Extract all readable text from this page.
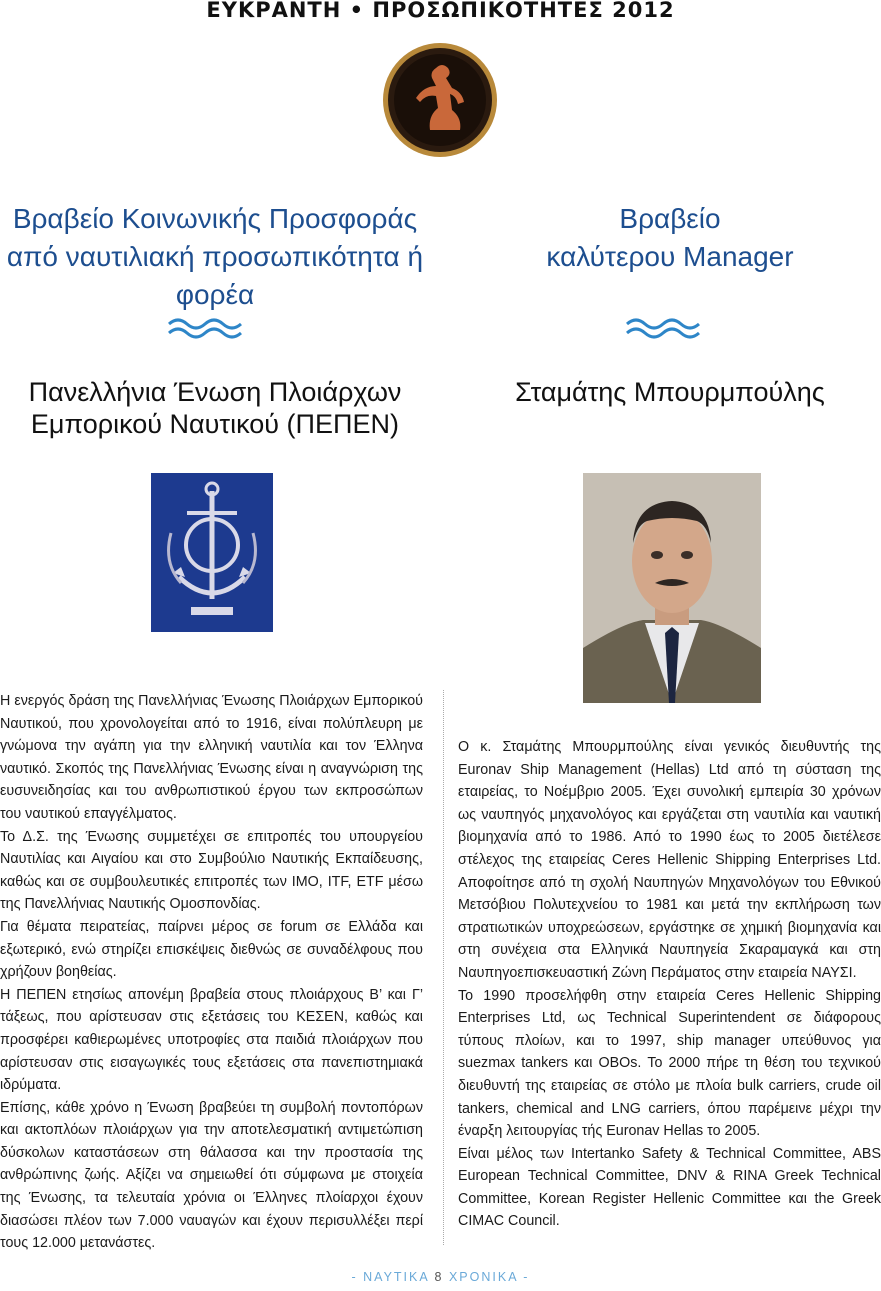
ΕΥΚΡΑΝΤΗ • ΠΡΟΣΩΠΙΚΟΤΗΤΕΣ 2012
Βραβείο Κοινωνικής Προσφοράς
από ναυτιλιακή προσωπικότητα ή
φορέα
Βραβείο
καλύτερου Manager
Πανελλήνια Ένωση Πλοιάρχων
Εμπορικού Ναυτικού (ΠΕΠΕΝ)
Σταμάτης Μπουρμπούλης

Η ενεργός δράση της Πανελλήνιας Ένωσης Πλοιάρχων Εμπορικού Ναυτικού, που χρονολογείται από το 1916, είναι πολύπλευρη με γνώμονα την αγάπη για την ελληνική ναυτιλία και τον Έλληνα ναυτικό. Σκοπός της Πανελλήνιας Ένωσης είναι η αναγνώριση της ευσυνειδησίας και του ανθρωπιστικού έργου των εκπροσώπων του ναυτικού επαγγέλματος.

Το Δ.Σ. της Ένωσης συμμετέχει σε επιτροπές του υπουργείου Ναυτιλίας και Αιγαίου και στο Συμβούλιο Ναυτικής Εκπαίδευσης, καθώς και σε συμβουλευτικές επιτροπές των IMO, ITF, ETF μέσω της Πανελλήνιας Ναυτικής Ομοσπονδίας.

Για θέματα πειρατείας, παίρνει μέρος σε forum σε Ελλάδα και εξωτερικό, ενώ στηρίζει επισκέψεις διεθνώς σε συναδέλφους που χρήζουν βοηθείας.

Η ΠΕΠΕΝ ετησίως απονέμη βραβεία στους πλοιάρχους Β’ και Γ’ τάξεως, που αρίστευσαν στις εξετάσεις του ΚΕΣΕΝ, καθώς και προσφέρει καθιερωμένες υποτροφίες στα παιδιά πλοιάρχων που αρίστευσαν στις εισαγωγικές τους εξετάσεις στα πανεπιστημιακά ιδρύματα.

Επίσης, κάθε χρόνο η Ένωση βραβεύει τη συμβολή ποντοπόρων και ακτοπλόων πλοιάρχων για την αποτελεσματική αντιμετώπιση δύσκολων καταστάσεων στη θάλασσα και την προστασία της ανθρώπινης ζωής. Αξίζει να σημειωθεί ότι σύμφωνα με στοιχεία της Ένωσης, τα τελευταία χρόνια οι Έλληνες πλοίαρχοι έχουν διασώσει πλέον των 7.000 ναυαγών και έχουν περισυλλέξει περί τους 12.000 μετανάστες.

Ο κ. Σταμάτης Μπουρμπούλης είναι γενικός διευθυντής της Euronav Ship Management (Hellas) Ltd από τη σύσταση της εταιρείας, το Νοέμβριο 2005. Έχει συνολική εμπειρία 30 χρόνων ως ναυπηγός μηχανολόγος και εργάζεται στη ναυτιλία και ναυτική βιομηχανία από το 1986. Από το 1990 έως το 2005 διετέλεσε στέλεχος της εταιρείας Ceres Hellenic Shipping Enterprises Ltd. Αποφοίτησε από τη σχολή Ναυπηγών Μηχανολόγων του Εθνικού Μετσόβιου Πολυτεχνείου το 1981 και μετά την εκπλήρωση των στρατιωτικών υποχρεώσεων, εργάστηκε σε χημική βιομηχανία και στη συνέχεια στα Ελληνικά Ναυπηγεία Σκαραμαγκά και στη Ναυπηγοεπισκευαστική Ζώνη Περάματος στην εταιρεία ΝΑΥΣΙ.

Το 1990 προσελήφθη στην εταιρεία Ceres Hellenic Shipping Enterprises Ltd, ως Technical Superintendent σε διάφορους τύπους πλοίων, και το 1997, ship manager υπεύθυνος για suezmax tankers και OBOs. Το 2000 πήρε τη θέση του τεχνικού διευθυντή της εταιρείας σε στόλο με πλοία bulk carriers, crude oil tankers, chemical and LNG carriers, όπου παρέμεινε μέχρι την έναρξη λειτουργίας τής Euronav Hellas το 2005.

Είναι μέλος των Intertanko Safety & Technical Committee, ABS European Technical Committee, DNV & RINA Greek Technical Committee, Korean Register Hellenic Committee και the Greek CIMAC Council.

- ΝΑΥΤΙΚΑ 8 ΧΡΟΝΙΚΑ -
